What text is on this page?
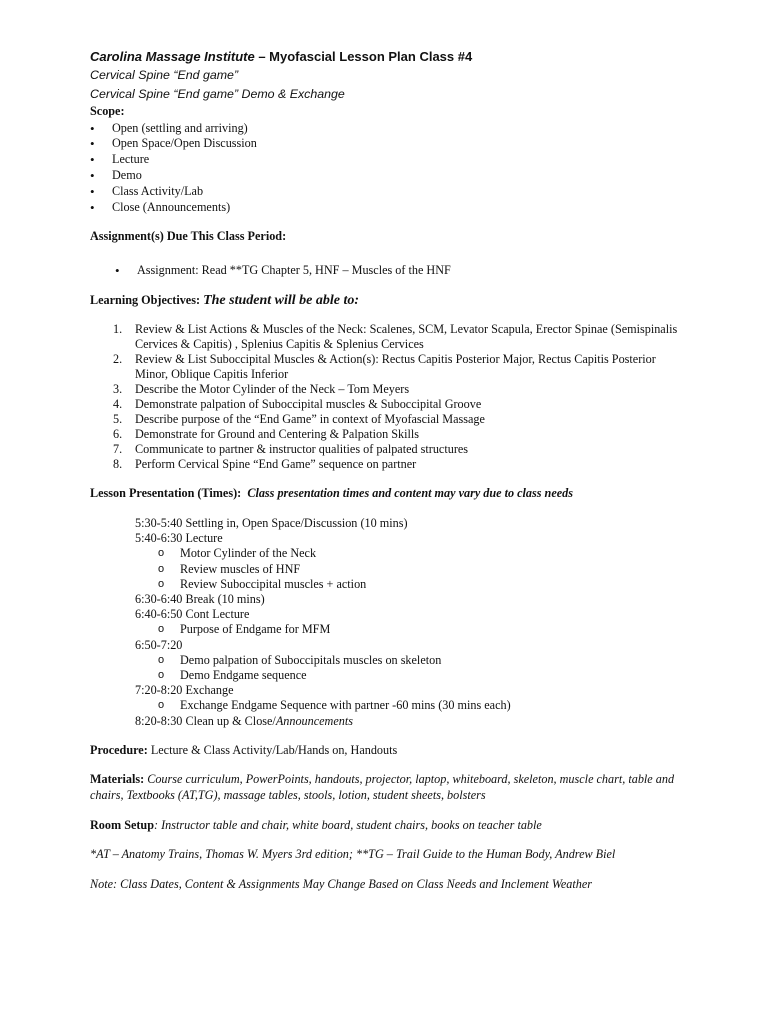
Carolina Massage Institute – Myofascial Lesson Plan Class #4
Cervical Spine “End game”
Cervical Spine “End game” Demo & Exchange
Scope:
• Open (settling and arriving)
• Open Space/Open Discussion
• Lecture
• Demo
• Class Activity/Lab
• Close (Announcements)
Assignment(s) Due This Class Period:
• Assignment: Read **TG Chapter 5, HNF – Muscles of the HNF
Learning Objectives: The student will be able to:
1. Review & List Actions & Muscles of the Neck: Scalenes, SCM, Levator Scapula, Erector Spinae (Semispinalis Cervices & Capitis) , Splenius Capitis & Splenius Cervices
2. Review & List Suboccipital Muscles & Action(s): Rectus Capitis Posterior Major, Rectus Capitis Posterior Minor, Oblique Capitis Inferior
3. Describe the Motor Cylinder of the Neck – Tom Meyers
4. Demonstrate palpation of Suboccipital muscles & Suboccipital Groove
5. Describe purpose of the “End Game” in context of Myofascial Massage
6. Demonstrate for Ground and Centering & Palpation Skills
7. Communicate to partner & instructor qualities of palpated structures
8. Perform Cervical Spine “End Game” sequence on partner
Lesson Presentation (Times): Class presentation times and content may vary due to class needs
5:30-5:40 Settling in, Open Space/Discussion (10 mins)
5:40-6:30 Lecture
o Motor Cylinder of the Neck
o Review muscles of HNF
o Review Suboccipital muscles + action
6:30-6:40 Break (10 mins)
6:40-6:50 Cont Lecture
o Purpose of Endgame for MFM
6:50-7:20
o Demo palpation of Suboccipitals muscles on skeleton
o Demo Endgame sequence
7:20-8:20 Exchange
o Exchange Endgame Sequence with partner -60 mins (30 mins each)
8:20-8:30 Clean up & Close/Announcements
Procedure: Lecture & Class Activity/Lab/Hands on, Handouts
Materials: Course curriculum, PowerPoints, handouts, projector, laptop, whiteboard, skeleton, muscle chart, table and chairs, Textbooks (AT,TG), massage tables, stools, lotion, student sheets, bolsters
Room Setup: Instructor table and chair, white board, student chairs, books on teacher table
*AT – Anatomy Trains, Thomas W. Myers 3rd edition; **TG – Trail Guide to the Human Body, Andrew Biel
Note: Class Dates, Content & Assignments May Change Based on Class Needs and Inclement Weather
